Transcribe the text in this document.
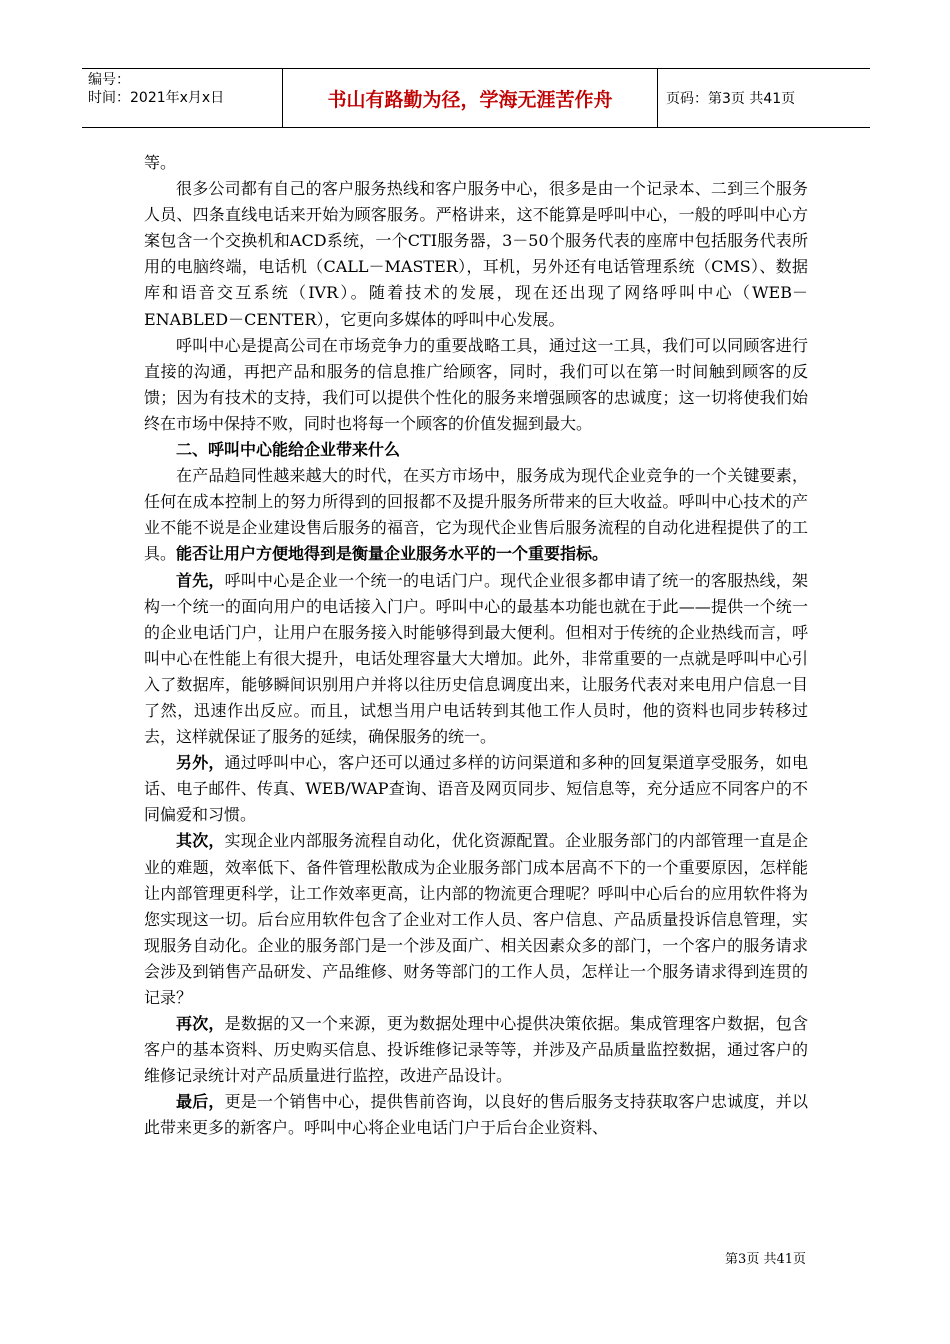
编号：
时间：2021年x月x日	书山有路勤为径，学海无涯苦作舟	页码：第3页 共41页

等。

很多公司都有自己的客户服务热线和客户服务中心，很多是由一个记录本、二到三个服务人员、四条直线电话来开始为顾客服务。严格讲来，这不能算是呼叫中心，一般的呼叫中心方案包含一个交换机和ACD系统，一个CTI服务器，3－50个服务代表的座席中包括服务代表所用的电脑终端，电话机（CALL－MASTER），耳机，另外还有电话管理系统（CMS）、数据库和语音交互系统（IVR）。随着技术的发展，现在还出现了网络呼叫中心（WEB－ENABLED－CENTER），它更向多媒体的呼叫中心发展。

呼叫中心是提高公司在市场竞争力的重要战略工具，通过这一工具，我们可以同顾客进行直接的沟通，再把产品和服务的信息推广给顾客，同时，我们可以在第一时间触到顾客的反馈；因为有技术的支持，我们可以提供个性化的服务来增强顾客的忠诚度；这一切将使我们始终在市场中保持不败，同时也将每一个顾客的价值发掘到最大。

二、呼叫中心能给企业带来什么

在产品趋同性越来越大的时代，在买方市场中，服务成为现代企业竞争的一个关键要素，任何在成本控制上的努力所得到的回报都不及提升服务所带来的巨大收益。呼叫中心技术的产业不能不说是企业建设售后服务的福音，它为现代企业售后服务流程的自动化进程提供了的工具。能否让用户方便地得到是衡量企业服务水平的一个重要指标。

首先，呼叫中心是企业一个统一的电话门户。现代企业很多都申请了统一的客服热线，架构一个统一的面向用户的电话接入门户。呼叫中心的最基本功能也就在于此——提供一个统一的企业电话门户，让用户在服务接入时能够得到最大便利。但相对于传统的企业热线而言，呼叫中心在性能上有很大提升，电话处理容量大大增加。此外，非常重要的一点就是呼叫中心引入了数据库，能够瞬间识别用户并将以往历史信息调度出来，让服务代表对来电用户信息一目了然，迅速作出反应。而且，试想当用户电话转到其他工作人员时，他的资料也同步转移过去，这样就保证了服务的延续，确保服务的统一。

另外，通过呼叫中心，客户还可以通过多样的访问渠道和多种的回复渠道享受服务，如电话、电子邮件、传真、WEB/WAP查询、语音及网页同步、短信息等，充分适应不同客户的不同偏爱和习惯。

其次，实现企业内部服务流程自动化，优化资源配置。企业服务部门的内部管理一直是企业的难题，效率低下、备件管理松散成为企业服务部门成本居高不下的一个重要原因，怎样能让内部管理更科学，让工作效率更高，让内部的物流更合理呢？呼叫中心后台的应用软件将为您实现这一切。后台应用软件包含了企业对工作人员、客户信息、产品质量投诉信息管理，实现服务自动化。企业的服务部门是一个涉及面广、相关因素众多的部门，一个客户的服务请求会涉及到销售产品研发、产品维修、财务等部门的工作人员，怎样让一个服务请求得到连贯的记录？

再次，是数据的又一个来源，更为数据处理中心提供决策依据。集成管理客户数据，包含客户的基本资料、历史购买信息、投诉维修记录等等，并涉及产品质量监控数据，通过客户的维修记录统计对产品质量进行监控，改进产品设计。

最后，更是一个销售中心，提供售前咨询，以良好的售后服务支持获取客户忠诚度，并以此带来更多的新客户。呼叫中心将企业电话门户于后台企业资料、

第3页 共41页
